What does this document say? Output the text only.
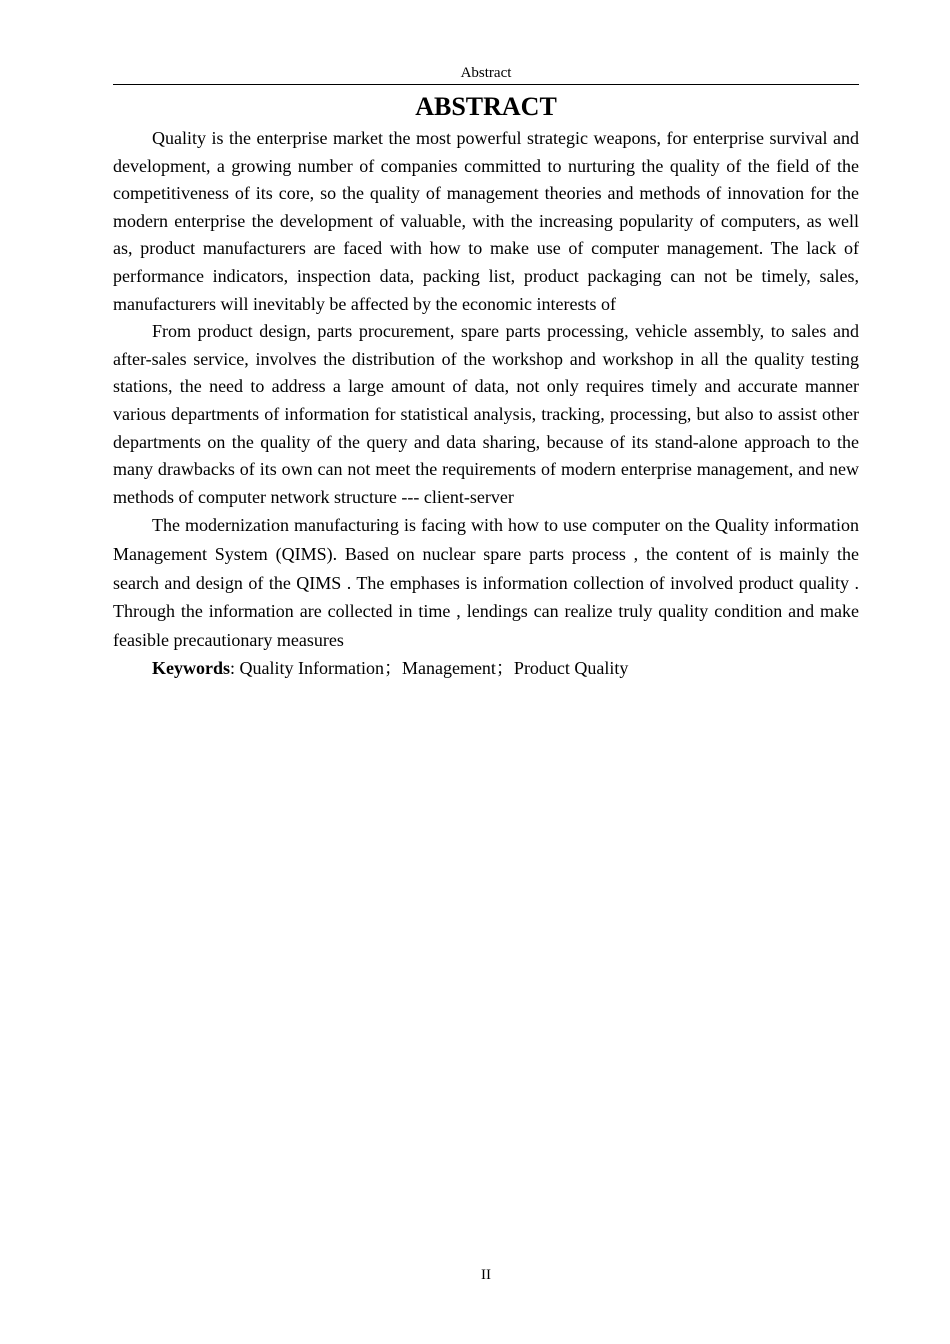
Abstract
ABSTRACT

Quality is the enterprise market the most powerful strategic weapons, for enterprise survival and development, a growing number of companies committed to nurturing the quality of the field of the competitiveness of its core, so the quality of management theories and methods of innovation for the modern enterprise the development of valuable, with the increasing popularity of computers, as well as, product manufacturers are faced with how to make use of computer management. The lack of performance indicators, inspection data, packing list, product packaging can not be timely, sales, manufacturers will inevitably be affected by the economic interests of

From product design, parts procurement, spare parts processing, vehicle assembly, to sales and after-sales service, involves the distribution of the workshop and workshop in all the quality testing stations, the need to address a large amount of data, not only requires timely and accurate manner various departments of information for statistical analysis, tracking, processing, but also to assist other departments on the quality of the query and data sharing, because of its stand-alone approach to the many drawbacks of its own can not meet the requirements of modern enterprise management, and new methods of computer network structure --- client-server

The modernization manufacturing is facing with how to use computer on the Quality information Management System (QIMS). Based on nuclear spare parts process , the content of is mainly the search and design of the QIMS . The emphases is information collection of involved product quality . Through the information are collected in time , lendings can realize truly quality condition and make feasible precautionary measures

Keywords: Quality Information；Management；Product Quality

II
